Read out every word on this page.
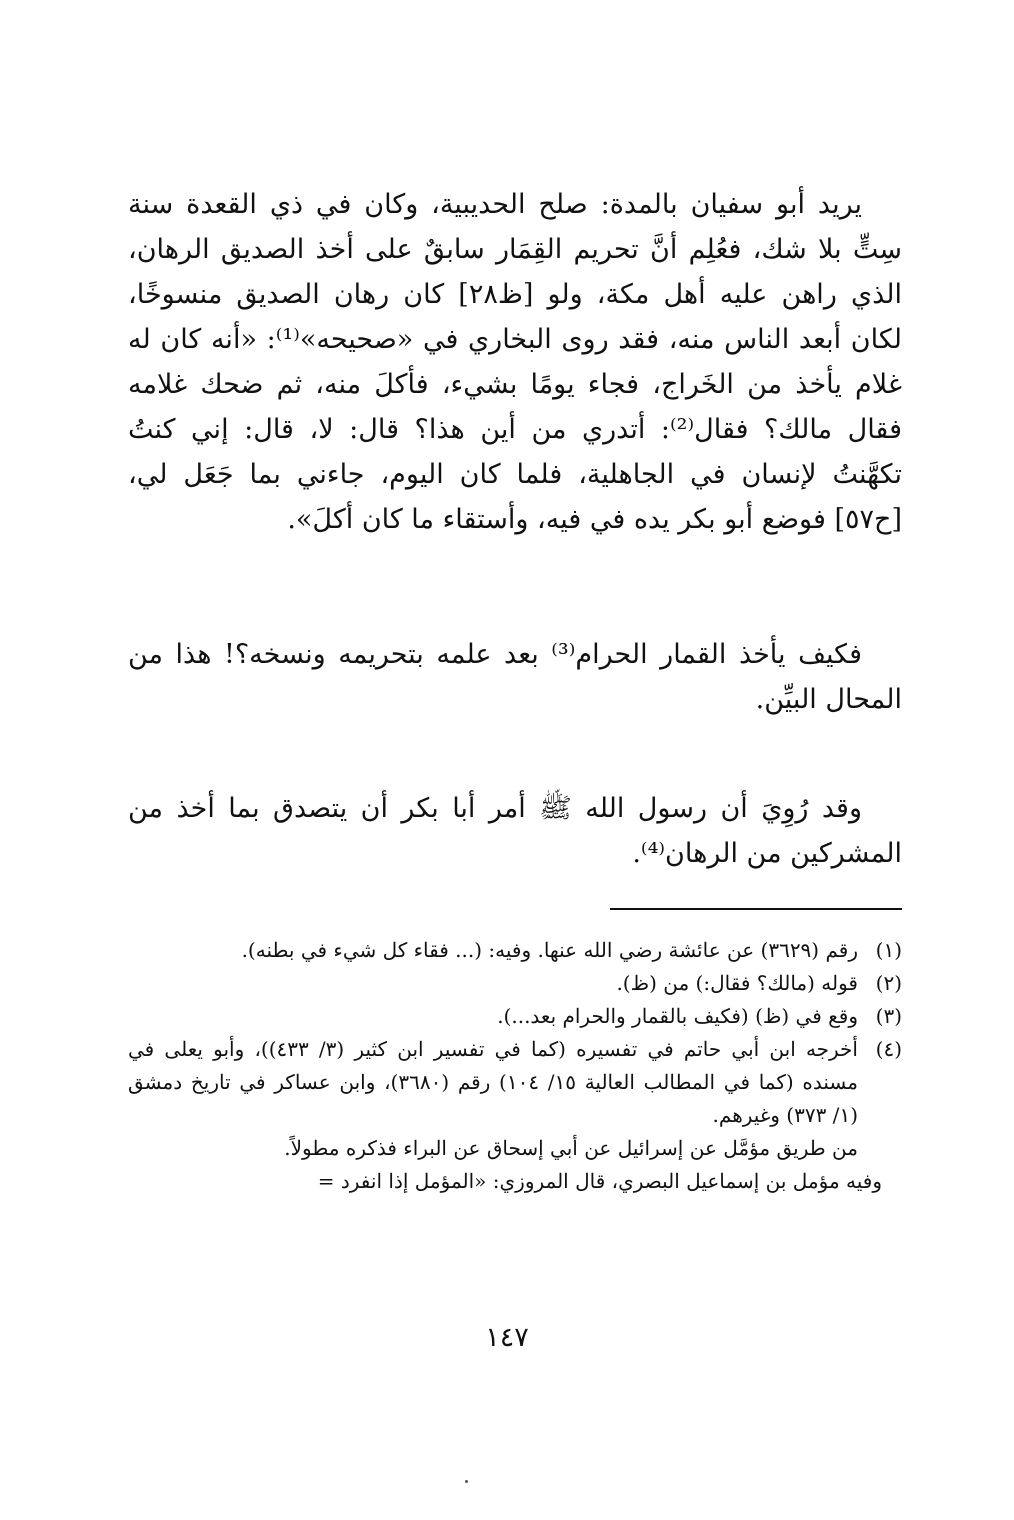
يريد أبو سفيان بالمدة: صلح الحديبية، وكان في ذي القعدة سنة سِتٍّ بلا شك، فعُلِم أنَّ تحريم القِمَار سابقٌ على أخذ الصديق الرهان، الذي راهن عليه أهل مكة، ولو [ظ٢٨] كان رهان الصديق منسوخًا، لكان أبعد الناس منه، فقد روى البخاري في «صحيحه»⁽¹⁾: «أنه كان له غلام يأخذ من الخَراج، فجاء يومًا بشيء، فأكلَ منه، ثم ضحك غلامه فقال مالك؟ فقال⁽²⁾: أتدري من أين هذا؟ قال: لا، قال: إني كنتُ تكهَّنتُ لإنسان في الجاهلية، فلما كان اليوم، جاءني بما جَعَل لي، [ح٥٧] فوضع أبو بكر يده في فيه، وأستقاء ما كان أكلَ».

فكيف يأخذ القمار الحرام⁽³⁾ بعد علمه بتحريمه ونسخه؟! هذا من المحال البيِّن.

وقد رُوِيَ أن رسول الله ﷺ أمر أبا بكر أن يتصدق بما أخذ من المشركين من الرهان⁽⁴⁾.

(١)
رقم (٣٦٢٩) عن عائشة رضي الله عنها. وفيه: (... فقاء كل شيء في بطنه).
(٢)
قوله (مالك؟ فقال:) من (ظ).
(٣)
وقع في (ظ) (فكيف بالقمار والحرام بعد...).
(٤)
أخرجه ابن أبي حاتم في تفسيره (كما في تفسير ابن كثير (٣/ ٤٣٣))، وأبو يعلى في مسنده (كما في المطالب العالية ١٥/ ١٠٤) رقم (٣٦٨٠)، وابن عساكر في تاريخ دمشق (١/ ٣٧٣) وغيرهم.

من طريق مؤمَّل عن إسرائيل عن أبي إسحاق عن البراء فذكره مطولاً.

وفيه مؤمل بن إسماعيل البصري، قال المروزي: «المؤمل إذا انفرد =

١٤٧
